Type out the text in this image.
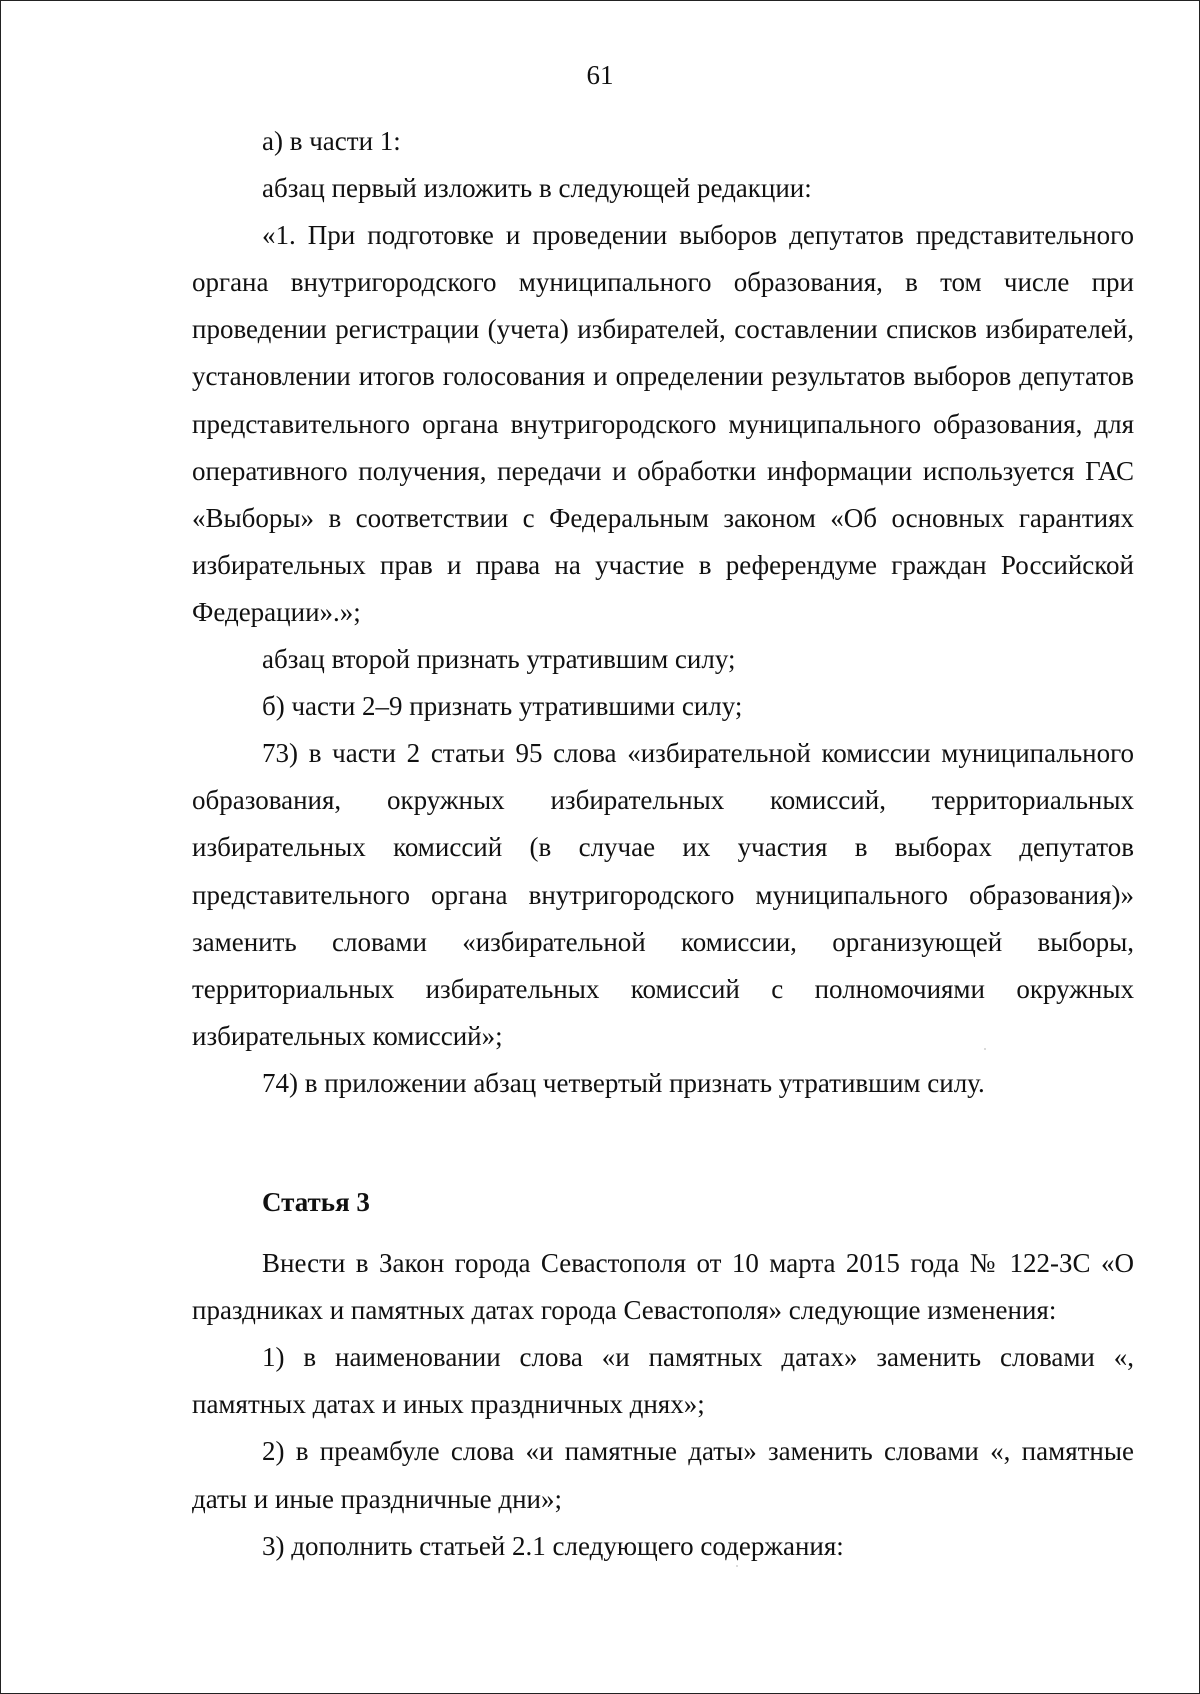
61

а) в части 1:

абзац первый изложить в следующей редакции:

«1. При подготовке и проведении выборов депутатов представительного органа внутригородского муниципального образования, в том числе при проведении регистрации (учета) избирателей, составлении списков избирателей, установлении итогов голосования и определении результатов выборов депутатов представительного органа внутригородского муниципального образования, для оперативного получения, передачи и обработки информации используется ГАС «Выборы» в соответствии с Федеральным законом «Об основных гарантиях избирательных прав и права на участие в референдуме граждан Российской Федерации».»;

абзац второй признать утратившим силу;

б) части 2–9 признать утратившими силу;

73) в части 2 статьи 95 слова «избирательной комиссии муниципального образования, окружных избирательных комиссий, территориальных избирательных комиссий (в случае их участия в выборах депутатов представительного органа внутригородского муниципального образования)» заменить словами «избирательной комиссии, организующей выборы, территориальных избирательных комиссий с полномочиями окружных избирательных комиссий»;

74) в приложении абзац четвертый признать утратившим силу.

Статья 3

Внести в Закон города Севастополя от 10 марта 2015 года № 122-ЗС «О праздниках и памятных датах города Севастополя» следующие изменения:

1) в наименовании слова «и памятных датах» заменить словами «, памятных датах и иных праздничных днях»;

2) в преамбуле слова «и памятные даты» заменить словами «, памятные даты и иные праздничные дни»;

3) дополнить статьей 2.1 следующего содержания:
